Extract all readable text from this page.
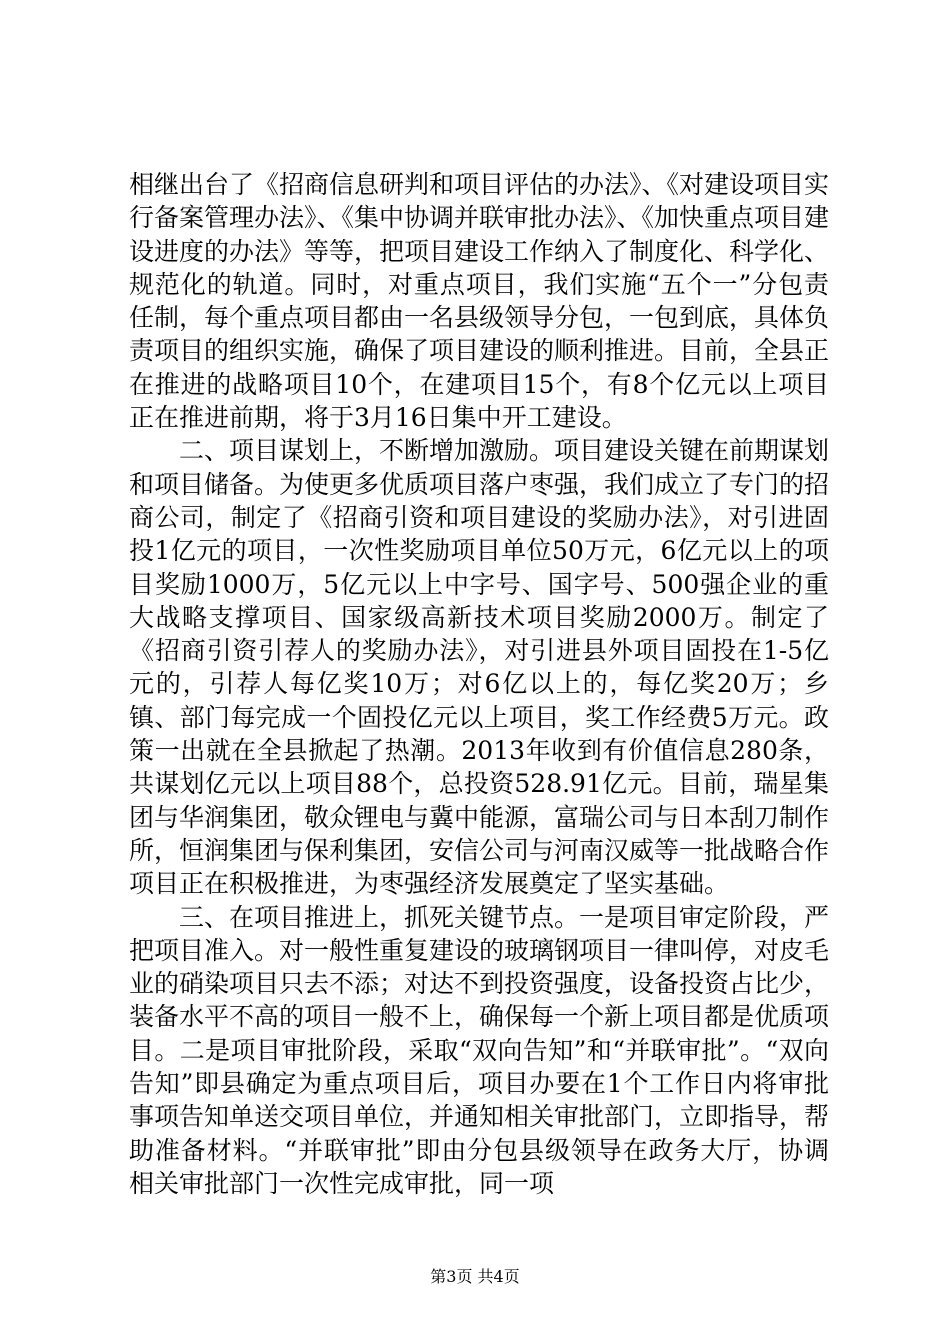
相继出台了《招商信息研判和项目评估的办法》、《对建设项目实行备案管理办法》、《集中协调并联审批办法》、《加快重点项目建设进度的办法》等等，把项目建设工作纳入了制度化、科学化、规范化的轨道。同时，对重点项目，我们实施“五个一”分包责任制，每个重点项目都由一名县级领导分包，一包到底，具体负责项目的组织实施，确保了项目建设的顺利推进。目前，全县正在推进的战略项目10个，在建项目15个，有8个亿元以上项目正在推进前期，将于3月16日集中开工建设。

二、项目谋划上，不断增加激励。项目建设关键在前期谋划和项目储备。为使更多优质项目落户枣强，我们成立了专门的招商公司，制定了《招商引资和项目建设的奖励办法》，对引进固投1亿元的项目，一次性奖励项目单位50万元，6亿元以上的项目奖励1000万，5亿元以上中字号、国字号、500强企业的重大战略支撑项目、国家级高新技术项目奖励2000万。制定了《招商引资引荐人的奖励办法》，对引进县外项目固投在1-5亿元的，引荐人每亿奖10万；对6亿以上的，每亿奖20万；乡镇、部门每完成一个固投亿元以上项目，奖工作经费5万元。政策一出就在全县掀起了热潮。2013年收到有价值信息280条，共谋划亿元以上项目88个，总投资528.91亿元。目前，瑞星集团与华润集团，敬众锂电与冀中能源，富瑞公司与日本刮刀制作所，恒润集团与保利集团，安信公司与河南汉威等一批战略合作项目正在积极推进，为枣强经济发展奠定了坚实基础。

三、在项目推进上，抓死关键节点。一是项目审定阶段，严把项目准入。对一般性重复建设的玻璃钢项目一律叫停，对皮毛业的硝染项目只去不添；对达不到投资强度，设备投资占比少，装备水平不高的项目一般不上，确保每一个新上项目都是优质项目。二是项目审批阶段，采取“双向告知”和“并联审批”。“双向告知”即县确定为重点项目后，项目办要在1个工作日内将审批事项告知单送交项目单位，并通知相关审批部门，立即指导，帮助准备材料。“并联审批”即由分包县级领导在政务大厅，协调相关审批部门一次性完成审批，同一项

第3页 共4页
